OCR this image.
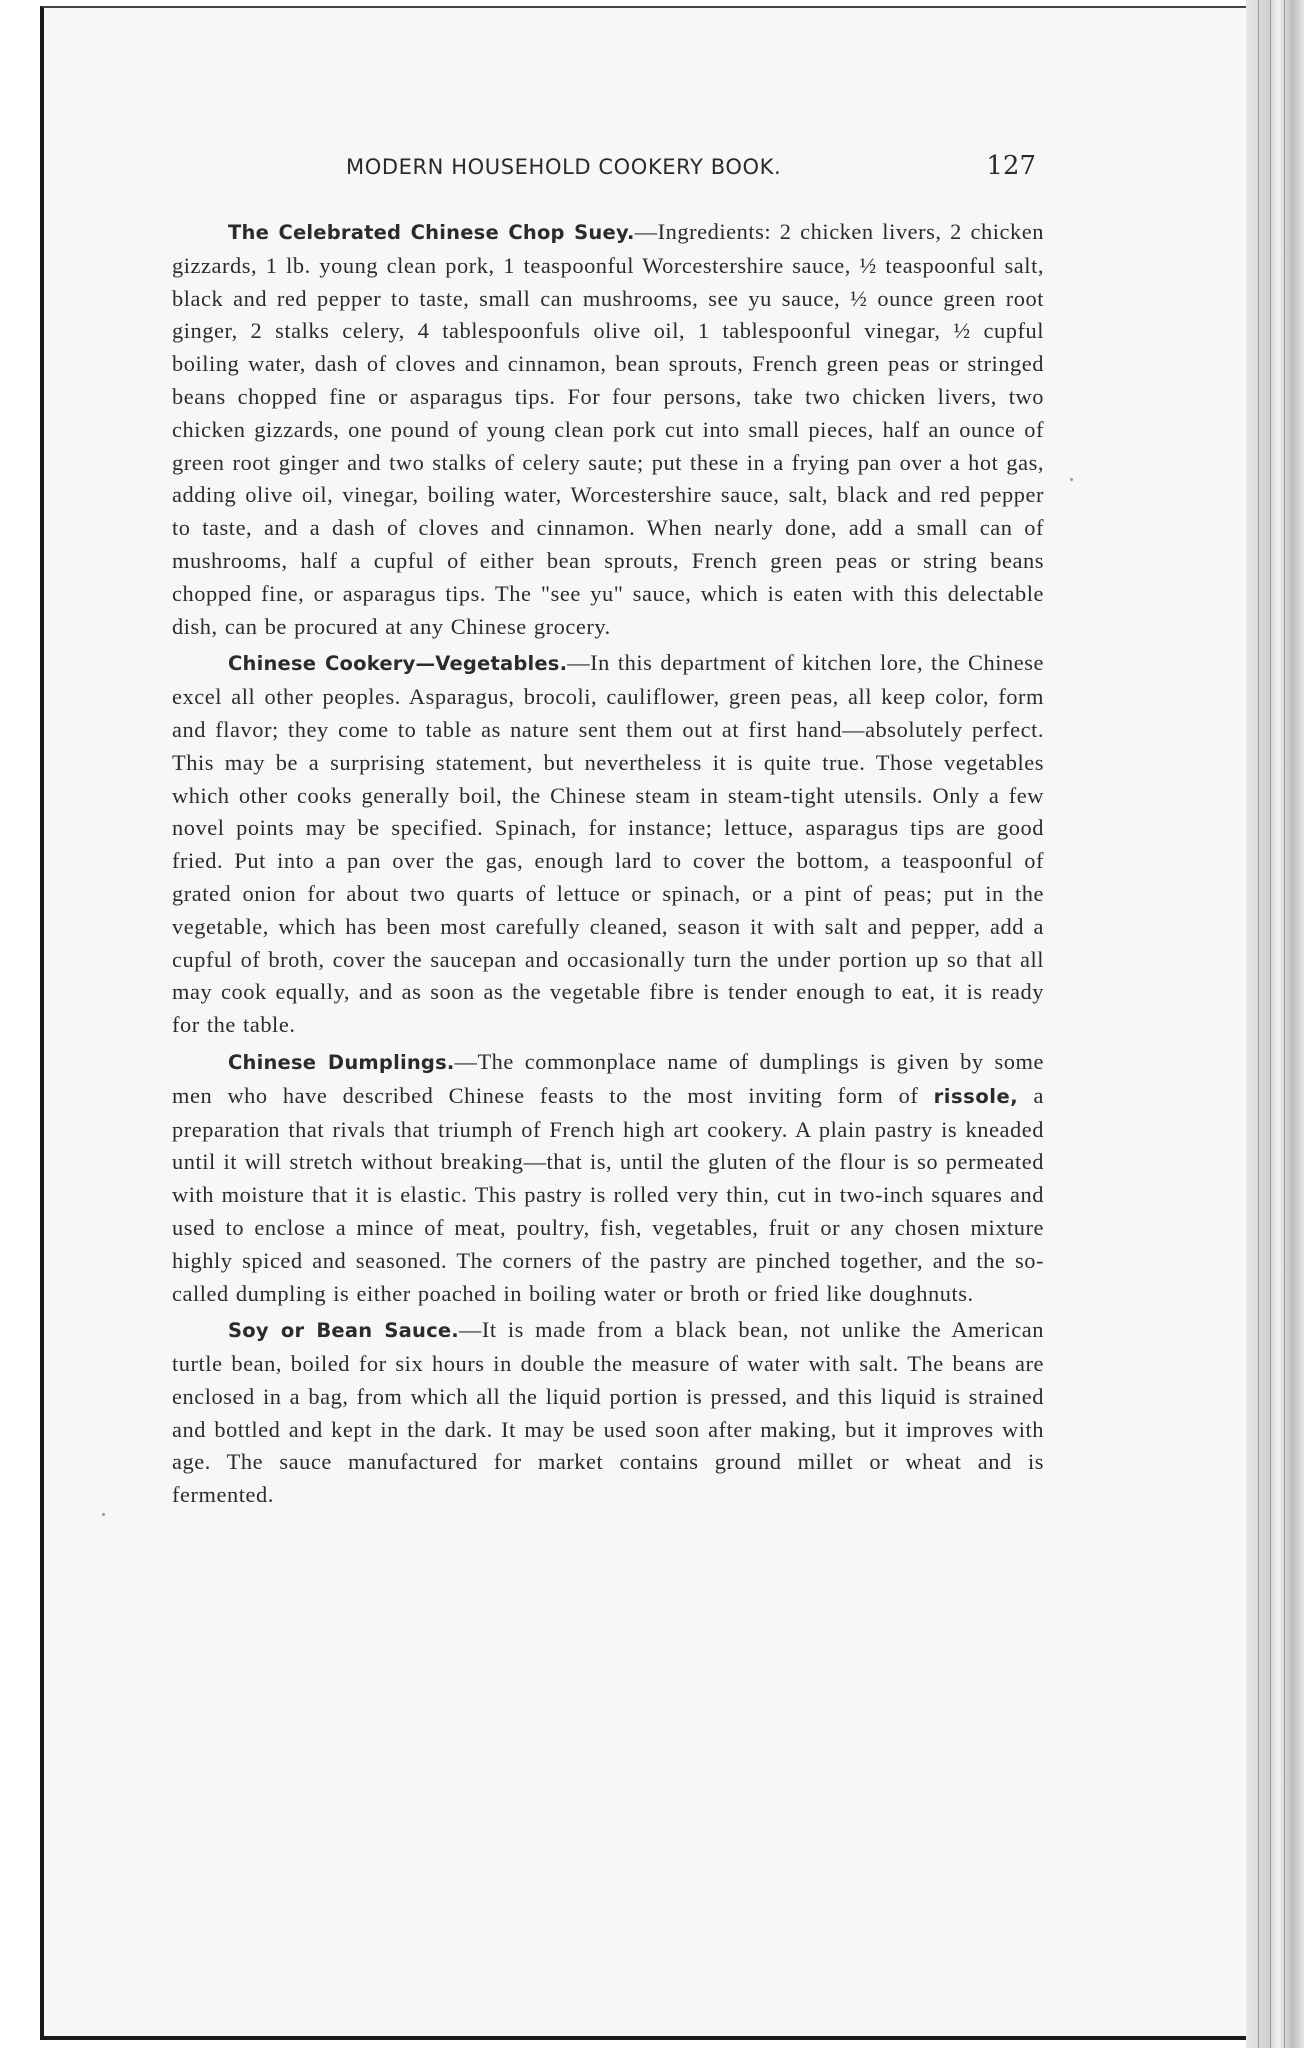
MODERN HOUSEHOLD COOKERY BOOK.	127

The Celebrated Chinese Chop Suey.—Ingredients: 2 chicken livers, 2 chicken gizzards, 1 lb. young clean pork, 1 teaspoonful Worcestershire sauce, ½ teaspoonful salt, black and red pepper to taste, small can mushrooms, see yu sauce, ½ ounce green root ginger, 2 stalks celery, 4 tablespoonfuls olive oil, 1 tablespoonful vinegar, ½ cupful boiling water, dash of cloves and cinnamon, bean sprouts, French green peas or stringed beans chopped fine or asparagus tips. For four persons, take two chicken livers, two chicken gizzards, one pound of young clean pork cut into small pieces, half an ounce of green root ginger and two stalks of celery saute; put these in a frying pan over a hot gas, adding olive oil, vinegar, boiling water, Worcestershire sauce, salt, black and red pepper to taste, and a dash of cloves and cinnamon. When nearly done, add a small can of mushrooms, half a cupful of either bean sprouts, French green peas or string beans chopped fine, or asparagus tips. The "see yu" sauce, which is eaten with this delectable dish, can be procured at any Chinese grocery.

Chinese Cookery—Vegetables.—In this department of kitchen lore, the Chinese excel all other peoples. Asparagus, brocoli, cauliflower, green peas, all keep color, form and flavor; they come to table as nature sent them out at first hand—absolutely perfect. This may be a surprising statement, but nevertheless it is quite true. Those vegetables which other cooks generally boil, the Chinese steam in steam-tight utensils. Only a few novel points may be specified. Spinach, for instance; lettuce, asparagus tips are good fried. Put into a pan over the gas, enough lard to cover the bottom, a teaspoonful of grated onion for about two quarts of lettuce or spinach, or a pint of peas; put in the vegetable, which has been most carefully cleaned, season it with salt and pepper, add a cupful of broth, cover the saucepan and occasionally turn the under portion up so that all may cook equally, and as soon as the vegetable fibre is tender enough to eat, it is ready for the table.

Chinese Dumplings.—The commonplace name of dumplings is given by some men who have described Chinese feasts to the most inviting form of rissole, a preparation that rivals that triumph of French high art cookery. A plain pastry is kneaded until it will stretch without breaking—that is, until the gluten of the flour is so permeated with moisture that it is elastic. This pastry is rolled very thin, cut in two-inch squares and used to enclose a mince of meat, poultry, fish, vegetables, fruit or any chosen mixture highly spiced and seasoned. The corners of the pastry are pinched together, and the so-called dumpling is either poached in boiling water or broth or fried like doughnuts.

Soy or Bean Sauce.—It is made from a black bean, not unlike the American turtle bean, boiled for six hours in double the measure of water with salt. The beans are enclosed in a bag, from which all the liquid portion is pressed, and this liquid is strained and bottled and kept in the dark. It may be used soon after making, but it improves with age. The sauce manufactured for market contains ground millet or wheat and is fermented.
